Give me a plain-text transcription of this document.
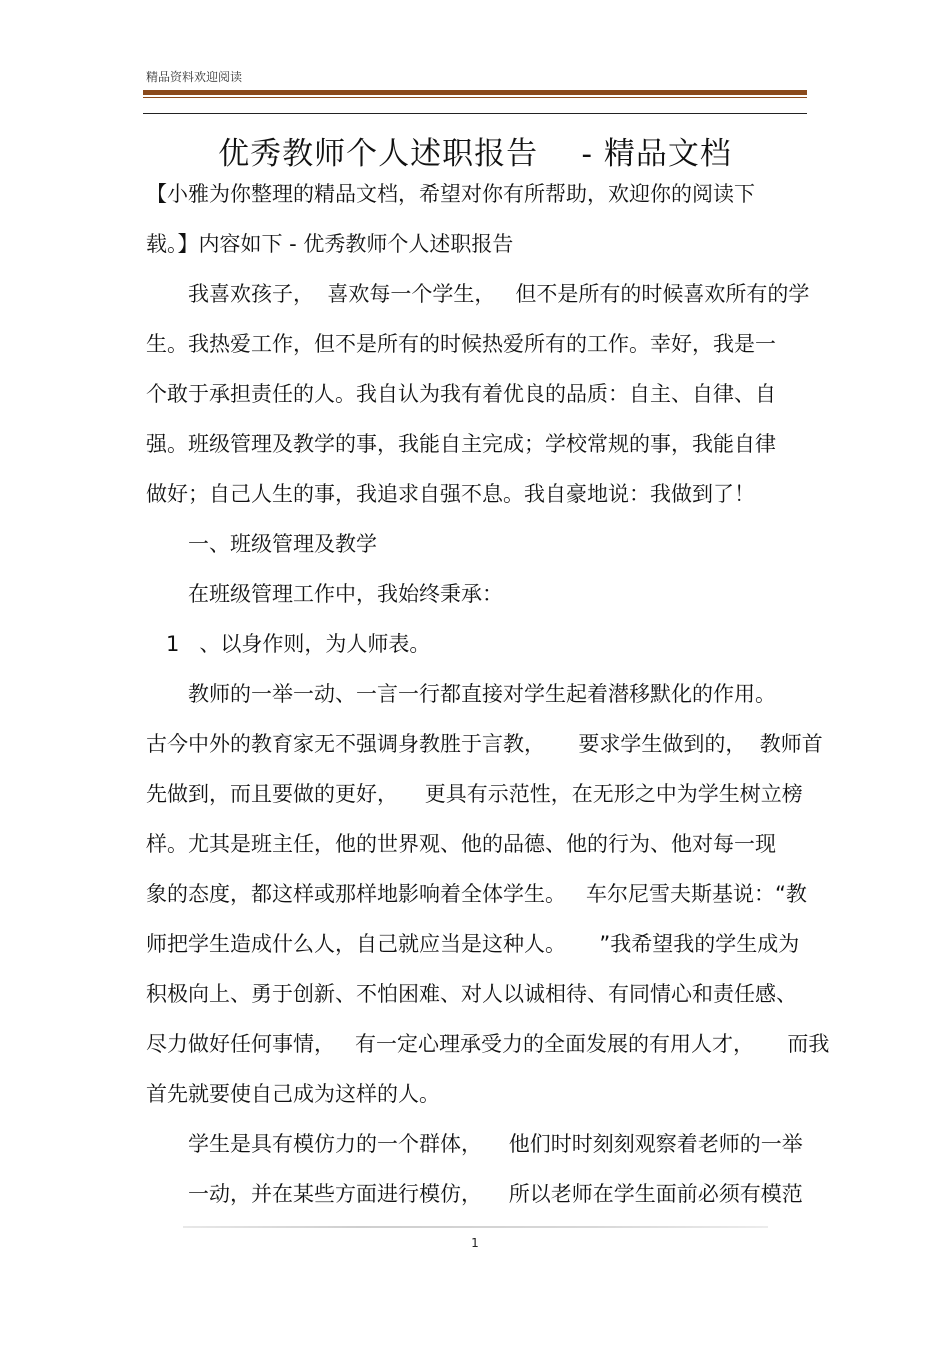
精品资料欢迎阅读
优秀教师个人述职报告    - 精品文档
【小雅为你整理的精品文档，希望对你有所帮助，欢迎你的阅读下
载。】内容如下 - 优秀教师个人述职报告
我喜欢孩子，  喜欢每一个学生，   但不是所有的时候喜欢所有的学
生。我热爱工作，但不是所有的时候热爱所有的工作。幸好，我是一
个敢于承担责任的人。我自认为我有着优良的品质：自主、自律、自
强。班级管理及教学的事，我能自主完成；学校常规的事，我能自律
做好；自己人生的事，我追求自强不息。我自豪地说：我做到了！
一、班级管理及教学
在班级管理工作中，我始终秉承：
1   、以身作则，为人师表。
教师的一举一动、一言一行都直接对学生起着潜移默化的作用。
古今中外的教育家无不强调身教胜于言教，     要求学生做到的，  教师首
先做到，而且要做的更好，    更具有示范性，在无形之中为学生树立榜
样。尤其是班主任，他的世界观、他的品德、他的行为、他对每一现
象的态度，都这样或那样地影响着全体学生。   车尔尼雪夫斯基说：“教
师把学生造成什么人，自己就应当是这种人。     ”我希望我的学生成为
积极向上、勇于创新、不怕困难、对人以诚相待、有同情心和责任感、
尽力做好任何事情，   有一定心理承受力的全面发展的有用人才，     而我
首先就要使自己成为这样的人。
学生是具有模仿力的一个群体，    他们时时刻刻观察着老师的一举
一动，并在某些方面进行模仿，    所以老师在学生面前必须有模范
1
